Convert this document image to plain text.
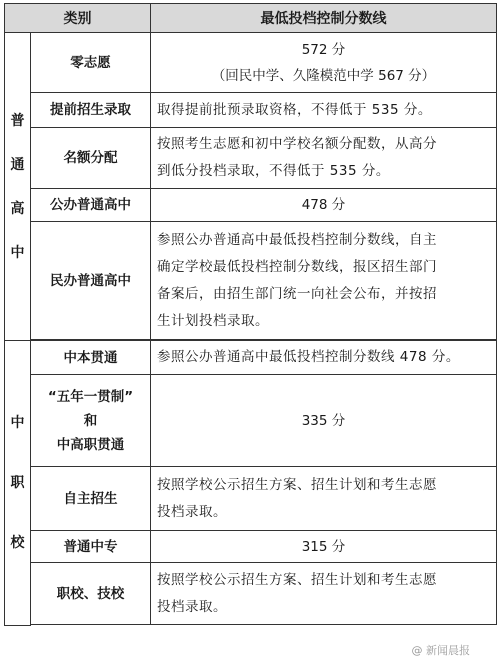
类别		最低投档控制分数线

普
通
高
中	零志愿	572 分
（回民中学、久隆模范中学 567 分）

	提前招生录取	取得提前批预录取资格，不得低于 535 分。
	名额分配	按照考生志愿和初中学校名额分配数，从高分
到低分投档录取，不得低于 535 分。

	公办普通高中	478 分
	民办普通高中	参照公办普通高中最低投档控制分数线，自主
确定学校最低投档控制分数线，报区招生部门
备案后，由招生部门统一向社会公布，并按招
生计划投档录取。

中
职
校	中本贯通	参照公办普通高中最低投档控制分数线 478 分。

	“五年一贯制”
和
中高职贯通	335 分
	自主招生	按照学校公示招生方案、招生计划和考生志愿
投档录取。

	普通中专	315 分
	职校、技校	按照学校公示招生方案、招生计划和考生志愿
投档录取。

@ 新闻晨报
